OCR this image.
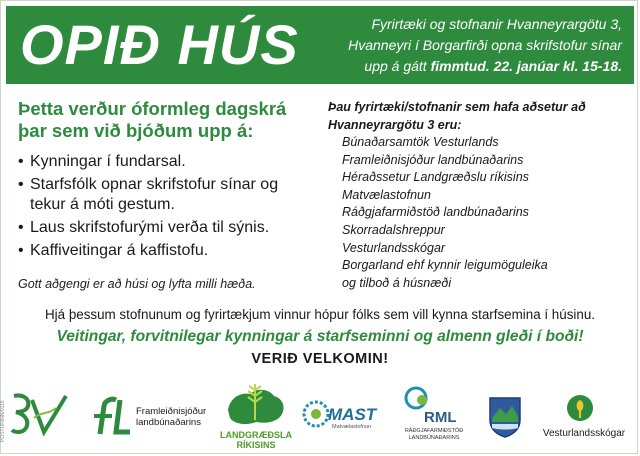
OPIÐ HÚS	Fyrirtæki og stofnanir Hvanneyrargötu 3,
Hvanneyri í Borgarfirði opna skrifstofur sínar
upp á gátt fimmtud. 22. janúar kl. 15-18.

Þetta verður óformleg dagskrá þar sem við bjóðum upp á:

• Kynningar í fundarsal.
• Starfsfólk opnar skrifstofur sínar og tekur á móti gestum.
• Laus skrifstofurými verða til sýnis.
• Kaffiveitingar á kaffistofu.
Gott aðgengi er að húsi og lyfta milli hæða.
Þau fyrirtæki/stofnanir sem hafa aðsetur að Hvanneyrargötu 3 eru:
Búnaðarsamtök Vesturlands
Framleiðnisjóður landbúnaðarins
Héraðssetur Landgræðslu ríkisins
Matvælastofnun
Ráðgjafarmiðstöð landbúnaðarins
Skorradalshreppur
Vesturlandsskógar
Borgarland ehf kynnir leigumöguleika
og tilboð á húsnæði
Hjá þessum stofnunum og fyrirtækjum vinnur hópur fólks sem vill kynna starfsemina í húsinu.
Veitingar, forvitnilegar kynningar á starfseminni og almenn gleði í boði!
VERIÐ VELKOMIN!
PÓSTURINN/0115	Framleiðnisjóður
landbúnaðarins
LANDGRÆÐSLA
RÍKISINS
MAST
Matvælastofnun
RML
RÁÐGJAFARMIÐSTÖÐ
LANDBÚNAÐARINS	Vesturlandsskógar
